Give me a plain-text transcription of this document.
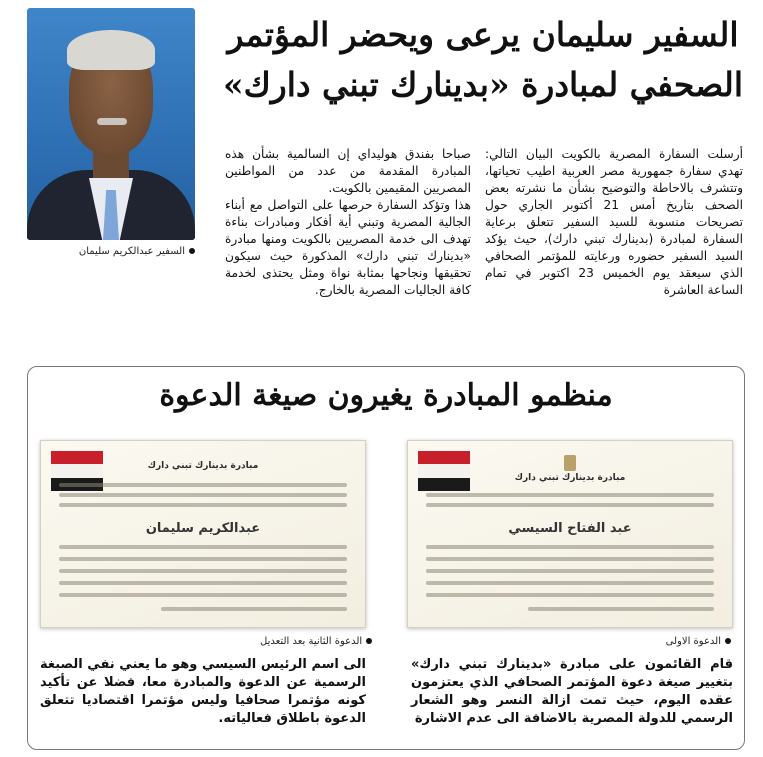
السفير سليمان يرعى ويحضر المؤتمر
الصحفي لمبادرة «بدينارك تبني دارك»
السفير عبدالكريم سليمان

أرسلت السفارة المصرية بالكويت البيان التالي: تهدي سفارة جمهورية مصر العربية اطيب تحياتها، وتتشرف بالاحاطة والتوضيح بشأن ما نشرته بعض الصحف بتاريخ أمس 21 أكتوبر الجاري حول تصريحات منسوبة للسيد السفير تتعلق برعاية السفارة لمبادرة (بدينارك تبني دارك)، حيث يؤكد السيد السفير حضوره ورعايته للمؤتمر الصحافي الذي سيعقد يوم الخميس 23 اكتوبر في تمام الساعة العاشرة

صباحا بفندق هوليداي إن السالمية بشأن هذه المبادرة المقدمة من عدد من المواطنين المصريين المقيمين بالكويت.

هذا وتؤكد السفارة حرصها على التواصل مع أبناء الجالية المصرية وتبني أية أفكار ومبادرات بناءة تهدف الى خدمة المصريين بالكويت ومنها مبادرة «بدينارك تبني دارك» المذكورة حيث سيكون تحقيقها ونجاحها بمثابة نواة ومثل يحتذى لخدمة كافة الجاليات المصرية بالخارج.

منظمو المبادرة يغيرون صيغة الدعوة
مبادرة بدينارك تبني دارك
عبد الفتاح السيسي
مبادرة بدينارك تبني دارك
عبدالكريم سليمان
الدعوة الاولى
الدعوة الثانية بعد التعديل
قام القائمون على مبادرة «بدينارك تبني دارك» بتغيير صيغة دعوة المؤتمر الصحافي الذي يعتزمون عقده اليوم، حيث تمت ازالة النسر وهو الشعار الرسمي للدولة المصرية بالاضافة الى عدم الاشارة
الى اسم الرئيس السيسي وهو ما يعني نفي الصبغة الرسمية عن الدعوة والمبادرة معا، فضلا عن تأكيد كونه مؤتمرا صحافيا وليس مؤتمرا اقتصاديا تتعلق الدعوة باطلاق فعالياته.
